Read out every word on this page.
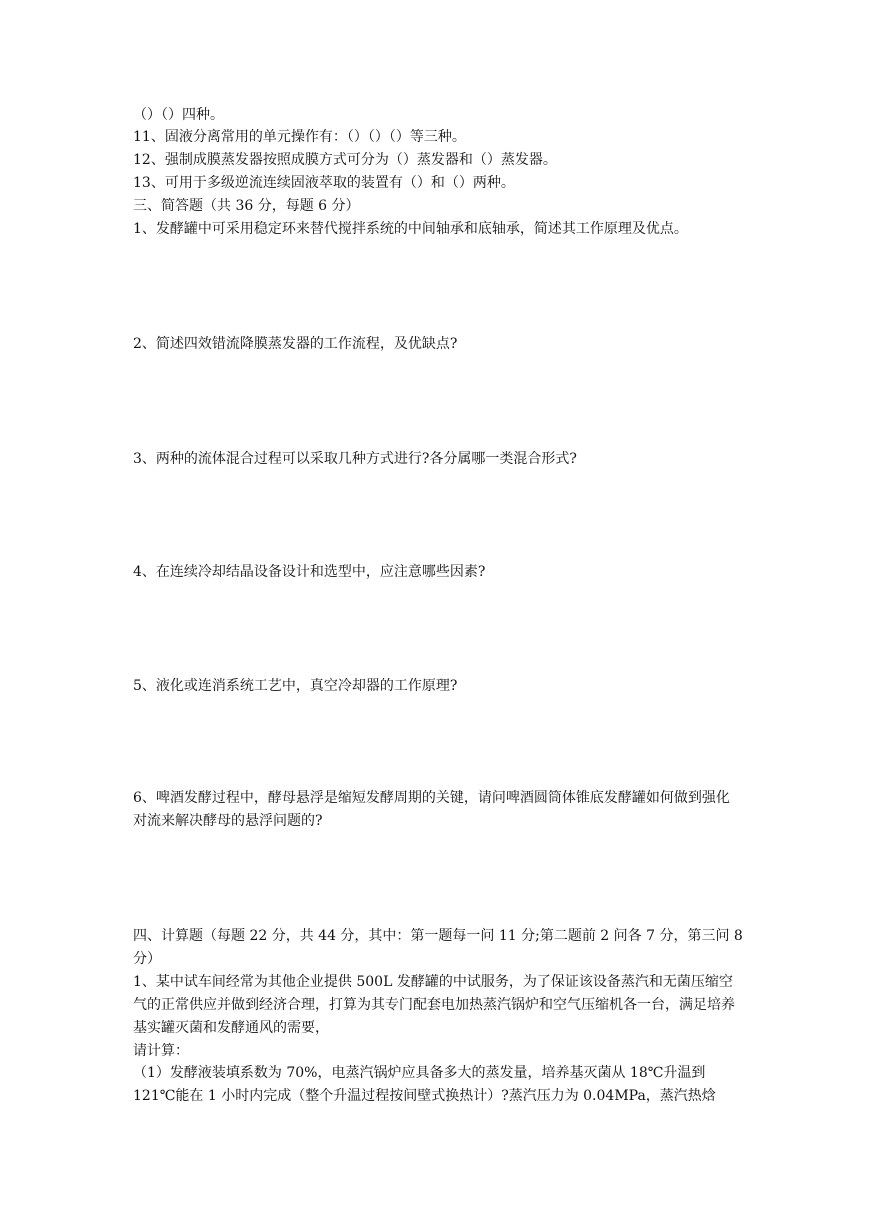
（）（）四种。
11、固液分离常用的单元操作有：（）（）（）等三种。
12、强制成膜蒸发器按照成膜方式可分为（）蒸发器和（）蒸发器。
13、可用于多级逆流连续固液萃取的装置有（）和（）两种。
三、简答题（共 36 分，每题 6 分）
1、发酵罐中可采用稳定环来替代搅拌系统的中间轴承和底轴承，简述其工作原理及优点。
2、简述四效错流降膜蒸发器的工作流程，及优缺点?
3、两种的流体混合过程可以采取几种方式进行?各分属哪一类混合形式?
4、在连续冷却结晶设备设计和选型中，应注意哪些因素?
5、液化或连消系统工艺中，真空冷却器的工作原理?
6、啤酒发酵过程中，酵母悬浮是缩短发酵周期的关键，请问啤酒圆筒体锥底发酵罐如何做到强化对流来解决酵母的悬浮问题的?
四、计算题（每题 22 分，共 44 分，其中：第一题每一问 11 分;第二题前 2 问各 7 分，第三问 8 分）
1、某中试车间经常为其他企业提供 500L 发酵罐的中试服务，为了保证该设备蒸汽和无菌压缩空气的正常供应并做到经济合理，打算为其专门配套电加热蒸汽锅炉和空气压缩机各一台，满足培养基实罐灭菌和发酵通风的需要，
请计算：
（1）发酵液装填系数为 70%，电蒸汽锅炉应具备多大的蒸发量，培养基灭菌从 18℃升温到 121℃能在 1 小时内完成（整个升温过程按间壁式换热计）?蒸汽压力为 0.04MPa，蒸汽热焓
